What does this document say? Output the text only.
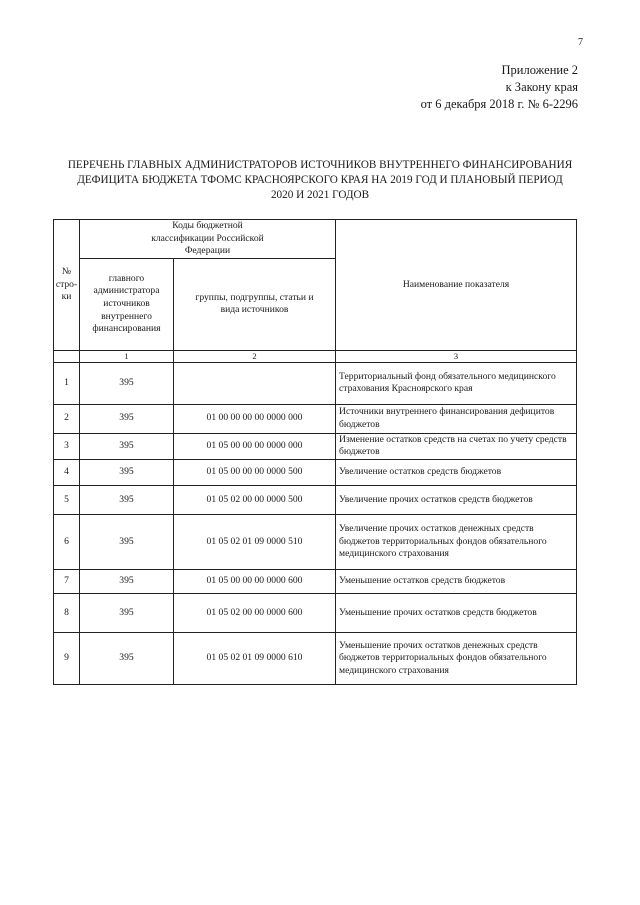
7
Приложение 2
к Закону края
от 6 декабря 2018 г. № 6-2296
ПЕРЕЧЕНЬ ГЛАВНЫХ АДМИНИСТРАТОРОВ ИСТОЧНИКОВ ВНУТРЕННЕГО ФИНАНСИРОВАНИЯ
ДЕФИЦИТА БЮДЖЕТА ТФОМС КРАСНОЯРСКОГО КРАЯ НА 2019 ГОД И ПЛАНОВЫЙ ПЕРИОД
2020 И 2021 ГОДОВ
№ стро-ки	Коды бюджетной классификации Российской Федерации		Наименование показателя
	главного администратора источников внутреннего финансирования	группы, подгруппы, статьи и вида источников	
	1	2	3
1	395		Территориальный фонд обязательного медицинского страхования Красноярского края
2	395	01 00 00 00 00 0000 000	Источники внутреннего финансирования дефицитов бюджетов
3	395	01 05 00 00 00 0000 000	Изменение остатков средств на счетах по учету средств бюджетов
4	395	01 05 00 00 00 0000 500	Увеличение остатков средств бюджетов
5	395	01 05 02 00 00 0000 500	Увеличение прочих остатков средств бюджетов
6	395	01 05 02 01 09 0000 510	Увеличение прочих остатков денежных средств бюджетов территориальных фондов обязательного медицинского страхования
7	395	01 05 00 00 00 0000 600	Уменьшение остатков средств бюджетов
8	395	01 05 02 00 00 0000 600	Уменьшение прочих остатков средств бюджетов
9	395	01 05 02 01 09 0000 610	Уменьшение прочих остатков денежных средств бюджетов территориальных фондов обязательного медицинского страхования
